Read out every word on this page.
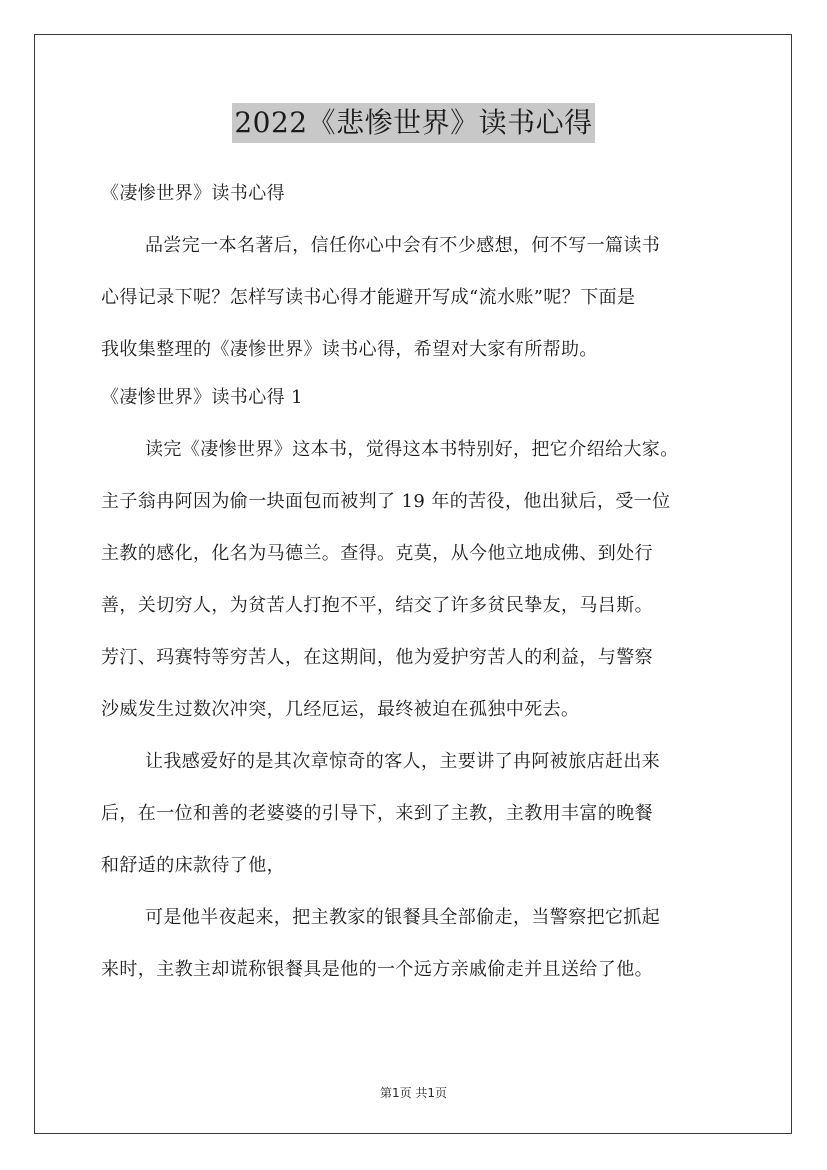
2022《悲惨世界》读书心得
《凄惨世界》读书心得
品尝完一本名著后，信任你心中会有不少感想，何不写一篇读书
心得记录下呢？怎样写读书心得才能避开写成“流水账”呢？下面是
我收集整理的《凄惨世界》读书心得，希望对大家有所帮助。
《凄惨世界》读书心得 1
读完《凄惨世界》这本书，觉得这本书特别好，把它介绍给大家。
主子翁冉阿因为偷一块面包而被判了 19 年的苦役，他出狱后，受一位
主教的感化，化名为马德兰。查得。克莫，从今他立地成佛、到处行
善，关切穷人，为贫苦人打抱不平，结交了许多贫民挚友，马吕斯。
芳汀、玛赛特等穷苦人，在这期间，他为爱护穷苦人的利益，与警察
沙威发生过数次冲突，几经厄运，最终被迫在孤独中死去。
让我感爱好的是其次章惊奇的客人，主要讲了冉阿被旅店赶出来
后，在一位和善的老婆婆的引导下，来到了主教，主教用丰富的晚餐
和舒适的床款待了他，
可是他半夜起来，把主教家的银餐具全部偷走，当警察把它抓起
来时，主教主却谎称银餐具是他的一个远方亲戚偷走并且送给了他。
第1页 共1页
